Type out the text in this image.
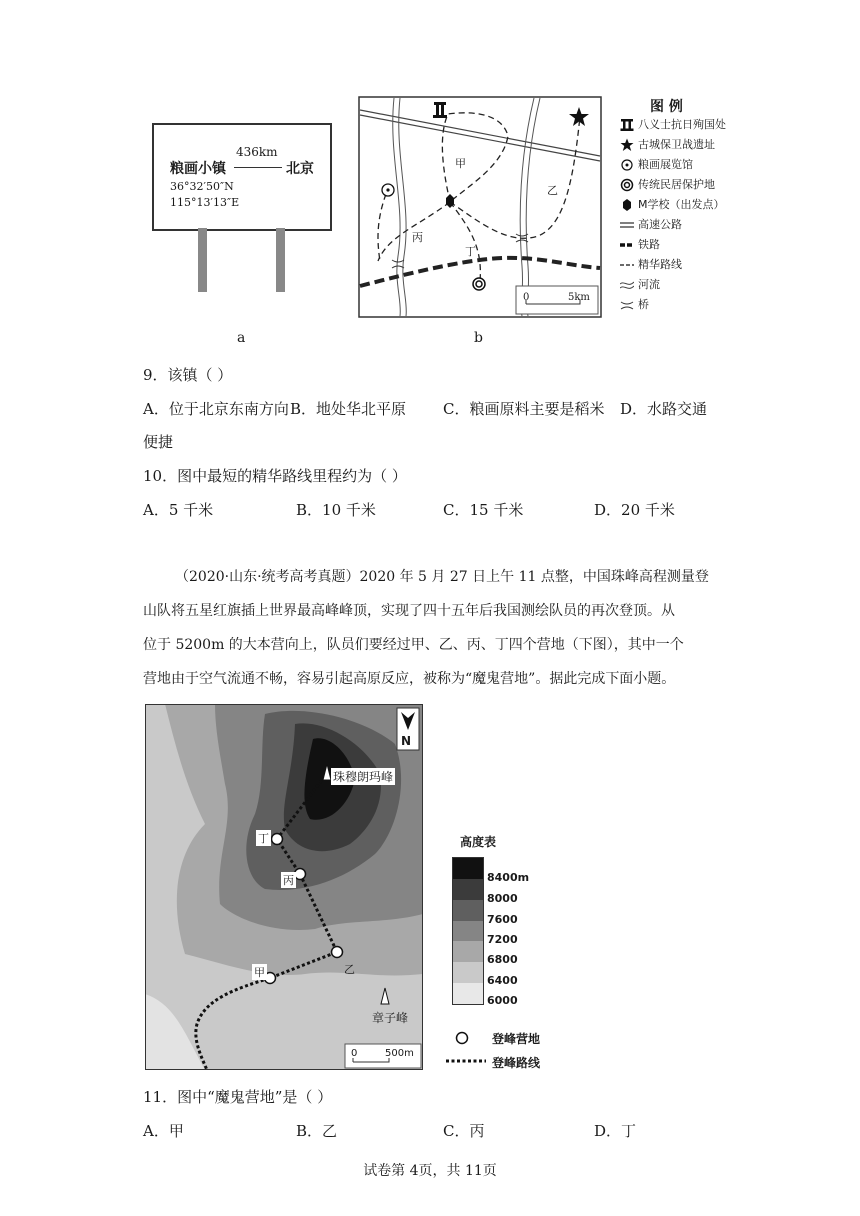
436km
粮画小镇	北京
36°32′50″N
115°13′13″E
a
甲
乙
丙
丁
0	5km
b
图 例
八义士抗日殉国处
古城保卫战遗址
粮画展览馆
传统民居保护地
M学校（出发点）
高速公路
铁路
精华路线
河流
桥
9．该镇（ ）
A．位于北京东南方向 B．地处华北平原 C．粮画原料主要是稻米 D．水路交通
便捷
10．图中最短的精华路线里程约为（ ）
A．5 千米	B．10 千米	C．15 千米	D．20 千米
（2020·山东·统考高考真题）2020 年 5 月 27 日上午 11 点整，中国珠峰高程测量登
山队将五星红旗插上世界最高峰峰顶，实现了四十五年后我国测绘队员的再次登顶。从
位于 5200m 的大本营向上，队员们要经过甲、乙、丙、丁四个营地（下图），其中一个
营地由于空气流通不畅，容易引起高原反应，被称为“魔鬼营地”。据此完成下面小题。
N
珠穆朗玛峰
丁
丙
乙
甲
章子峰
0	500m
高度表
8400m
8000
7600
7200
6800
6400
6000
登峰营地
登峰路线
11．图中“魔鬼营地”是（ ）
A．甲	B．乙	C．丙	D．丁
试卷第 4页，共 11页
